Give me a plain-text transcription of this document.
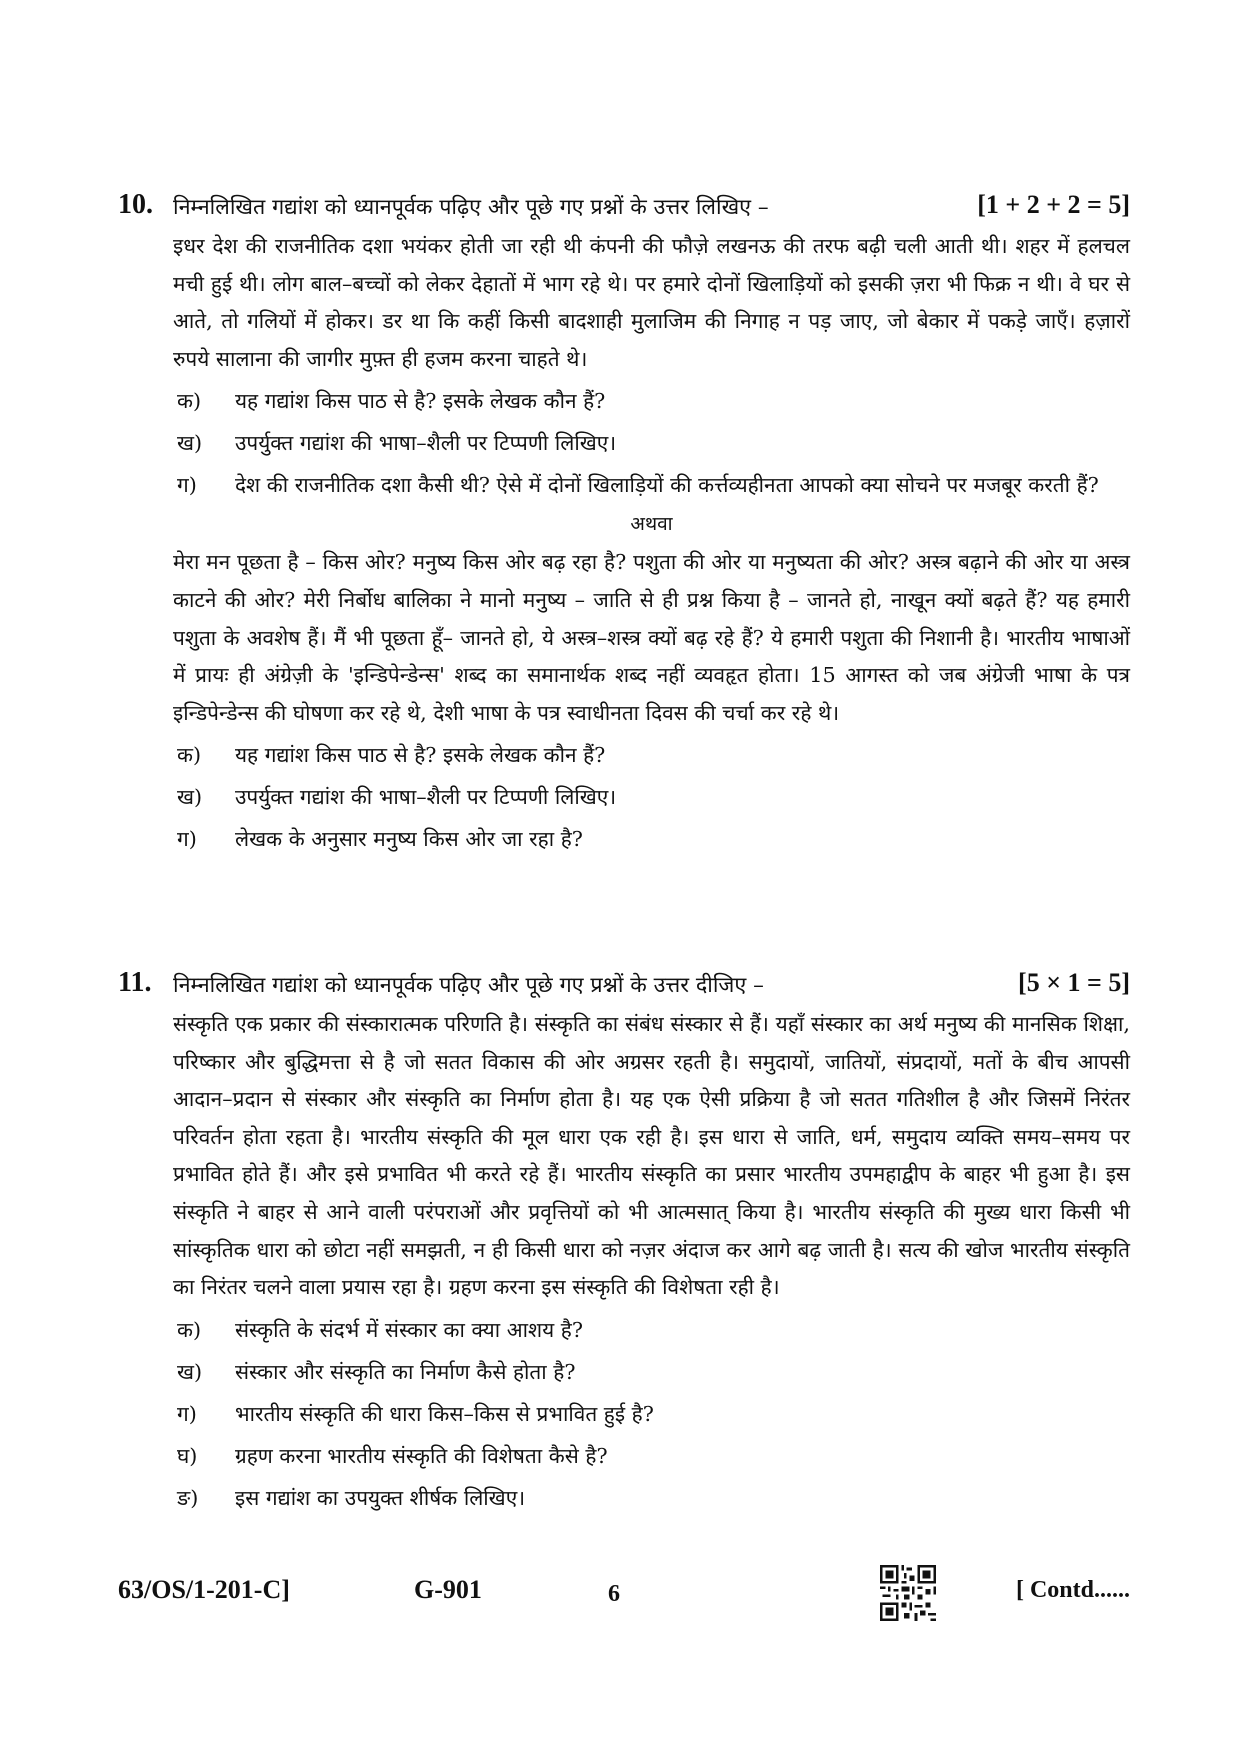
10. निम्नलिखित गद्यांश को ध्यानपूर्वक पढ़िए और पूछे गए प्रश्नों के उत्तर लिखिए –	[1 + 2 + 2 = 5]
इधर देश की राजनीतिक दशा भयंकर होती जा रही थी कंपनी की फौज़े लखनऊ की तरफ बढ़ी चली आती थी। शहर में हलचल मची हुई थी। लोग बाल–बच्चों को लेकर देहातों में भाग रहे थे। पर हमारे दोनों खिलाड़ियों को इसकी ज़रा भी फिक्र न थी। वे घर से आते, तो गलियों में होकर। डर था कि कहीं किसी बादशाही मुलाजिम की निगाह न पड़ जाए, जो बेकार में पकड़े जाएँ। हज़ारों रुपये सालाना की जागीर मुफ़्त ही हजम करना चाहते थे।
क) यह गद्यांश किस पाठ से है? इसके लेखक कौन हैं?
ख) उपर्युक्त गद्यांश की भाषा–शैली पर टिप्पणी लिखिए।
ग) देश की राजनीतिक दशा कैसी थी? ऐसे में दोनों खिलाड़ियों की कर्त्तव्यहीनता आपको क्या सोचने पर मजबूर करती हैं?
अथवा
मेरा मन पूछता है – किस ओर? मनुष्य किस ओर बढ़ रहा है? पशुता की ओर या मनुष्यता की ओर? अस्त्र बढ़ाने की ओर या अस्त्र काटने की ओर? मेरी निर्बोध बालिका ने मानो मनुष्य – जाति से ही प्रश्न किया है – जानते हो, नाखून क्यों बढ़ते हैं? यह हमारी पशुता के अवशेष हैं। मैं भी पूछता हूँ– जानते हो, ये अस्त्र–शस्त्र क्यों बढ़ रहे हैं? ये हमारी पशुता की निशानी है। भारतीय भाषाओं में प्रायः ही अंग्रेज़ी के 'इन्डिपेन्डेन्स' शब्द का समानार्थक शब्द नहीं व्यवहृत होता। 15 आगस्त को जब अंग्रेजी भाषा के पत्र इन्डिपेन्डेन्स की घोषणा कर रहे थे, देशी भाषा के पत्र स्वाधीनता दिवस की चर्चा कर रहे थे।
क) यह गद्यांश किस पाठ से है? इसके लेखक कौन हैं?
ख) उपर्युक्त गद्यांश की भाषा–शैली पर टिप्पणी लिखिए।
ग) लेखक के अनुसार मनुष्य किस ओर जा रहा है?
11. निम्नलिखित गद्यांश को ध्यानपूर्वक पढ़िए और पूछे गए प्रश्नों के उत्तर दीजिए –	[5 × 1 = 5]
संस्कृति एक प्रकार की संस्कारात्मक परिणति है। संस्कृति का संबंध संस्कार से हैं। यहाँ संस्कार का अर्थ मनुष्य की मानसिक शिक्षा, परिष्कार और बुद्धिमत्ता से है जो सतत विकास की ओर अग्रसर रहती है। समुदायों, जातियों, संप्रदायों, मतों के बीच आपसी आदान–प्रदान से संस्कार और संस्कृति का निर्माण होता है। यह एक ऐसी प्रक्रिया है जो सतत गतिशील है और जिसमें निरंतर परिवर्तन होता रहता है। भारतीय संस्कृति की मूल धारा एक रही है। इस धारा से जाति, धर्म, समुदाय व्यक्ति समय–समय पर प्रभावित होते हैं। और इसे प्रभावित भी करते रहे हैं। भारतीय संस्कृति का प्रसार भारतीय उपमहाद्वीप के बाहर भी हुआ है। इस संस्कृति ने बाहर से आने वाली परंपराओं और प्रवृत्तियों को भी आत्मसात् किया है। भारतीय संस्कृति की मुख्य धारा किसी भी सांस्कृतिक धारा को छोटा नहीं समझती, न ही किसी धारा को नज़र अंदाज कर आगे बढ़ जाती है। सत्य की खोज भारतीय संस्कृति का निरंतर चलने वाला प्रयास रहा है। ग्रहण करना इस संस्कृति की विशेषता रही है।
क) संस्कृति के संदर्भ में संस्कार का क्या आशय है?
ख) संस्कार और संस्कृति का निर्माण कैसे होता है?
ग) भारतीय संस्कृति की धारा किस–किस से प्रभावित हुई है?
घ) ग्रहण करना भारतीय संस्कृति की विशेषता कैसे है?
ङ) इस गद्यांश का उपयुक्त शीर्षक लिखिए।
63/OS/1-201-C]	G-901	6	[ Contd......
